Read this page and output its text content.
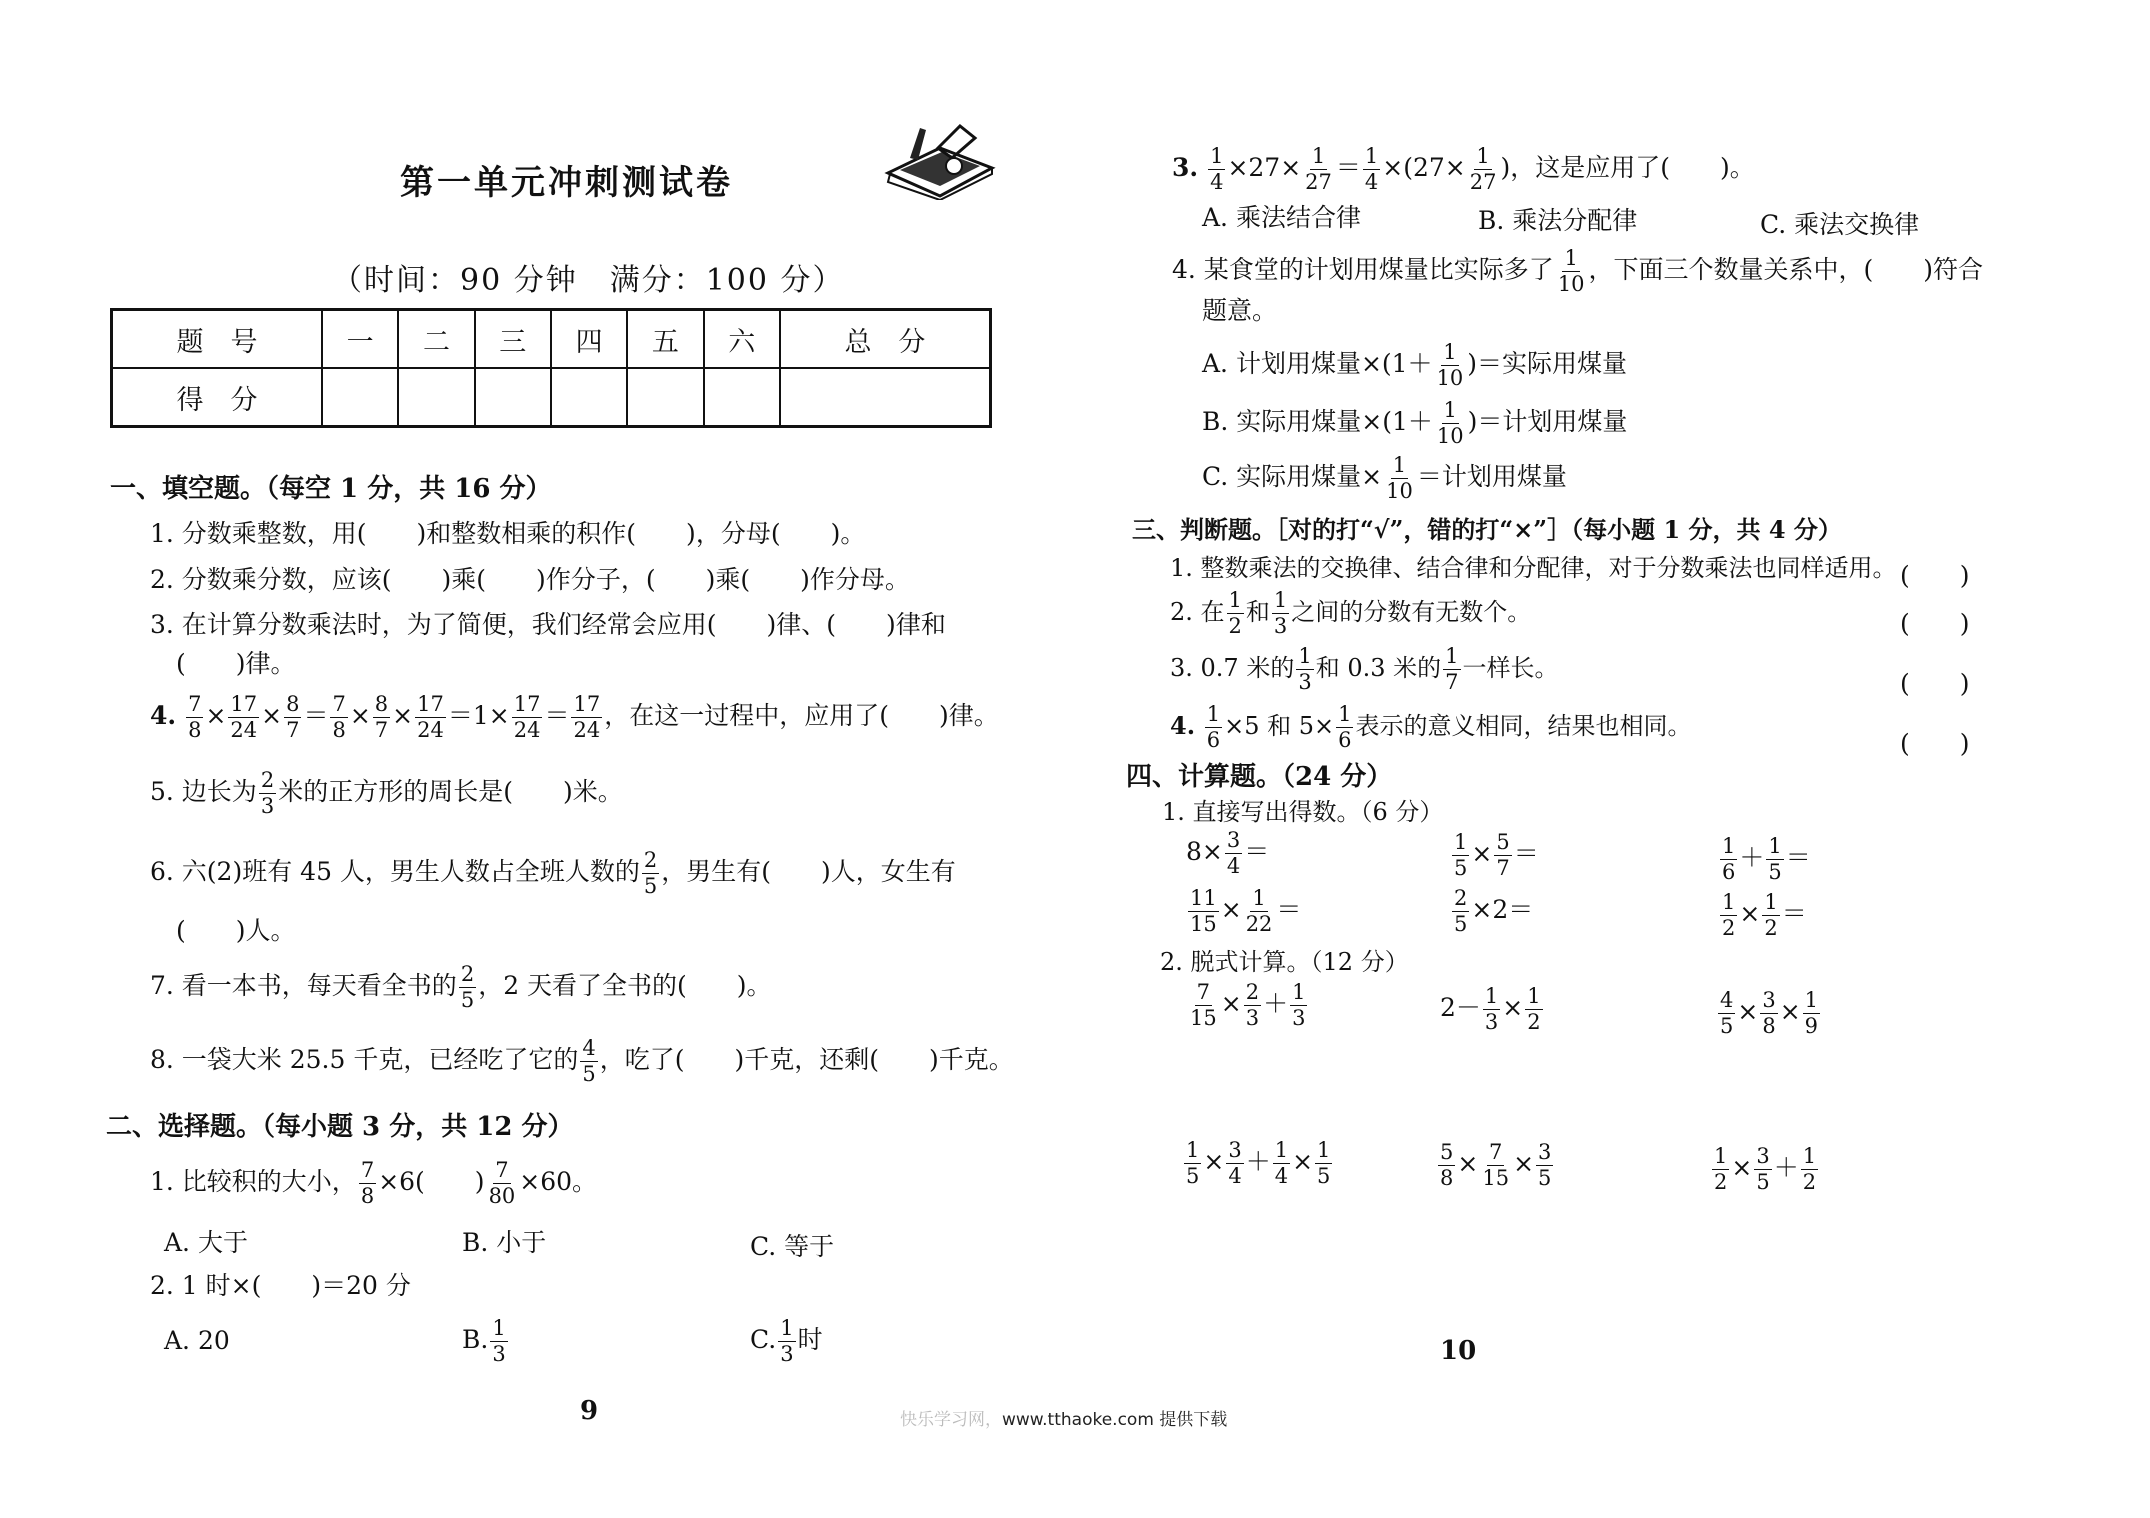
第一单元冲刺测试卷
（时间：90 分钟　满分：100 分）
题　号	一	二	三	四	五	六	总　分
得　分							
一、填空题。（每空 1 分，共 16 分）
1. 分数乘整数，用(　　)和整数相乘的积作(　　)，分母(　　)。
2. 分数乘分数，应该(　　)乘(　　)作分子，(　　)乘(　　)作分母。
3. 在计算分数乘法时，为了简便，我们经常会应用(　　)律、(　　)律和
(　　)律。
4. $\frac{7}{8} \times \frac{17}{24} \times \frac{8}{7} = \frac{7}{8} \times \frac{8}{7} \times \frac{17}{24} =1\times \frac{17}{24} = \frac{17}{24}$ ，在这一过程中，应用了(　　)律。
5. 边长为 $\frac{2}{3}$ 米的正方形的周长是(　　)米。
6. 六(2)班有 45 人，男生人数占全班人数的 $\frac{2}{5}$ ，男生有(　　)人，女生有
(　　)人。
7. 看一本书，每天看全书的 $\frac{2}{5}$ ，2 天看了全书的(　　)。
8. 一袋大米 25.5 千克，已经吃了它的 $\frac{4}{5}$ ，吃了(　　)千克，还剩(　　)千克。
二、选择题。（每小题 3 分，共 12 分）
1. 比较积的大小， $\frac{7}{8} \times 6$(　　) $\frac{7}{80} \times 60$。
A. 大于	B. 小于	C. 等于
2. 1 时×(　　)＝20 分
A. 20	B. $\frac{1}{3}$	C. $\frac{1}{3}$ 时
9
3. $\frac{1}{4} \times 27\times \frac{1}{27} = \frac{1}{4} \times(27\times \frac{1}{27}$ )，这是应用了(　　)。
A. 乘法结合律	B. 乘法分配律	C. 乘法交换律
4. 某食堂的计划用煤量比实际多了 $\frac{1}{10}$ ，下面三个数量关系中，(　　)符合
题意。
A. 计划用煤量$\times(1+ \frac{1}{10}$ )＝实际用煤量
B. 实际用煤量$\times(1+ \frac{1}{10}$ )＝计划用煤量
C. 实际用煤量× $\frac{1}{10}$ ＝计划用煤量
三、判断题。［对的打“√”，错的打“×”］（每小题 1 分，共 4 分）
1. 整数乘法的交换律、结合律和分配律，对于分数乘法也同样适用。 (　　)
2. 在 $\frac{1}{2}$ 和 $\frac{1}{3}$ 之间的分数有无数个。	(　　)
3. 0.7 米的 $\frac{1}{3}$ 和 0.3 米的 $\frac{1}{7}$ 一样长。
(　　)
4. $\frac{1}{6} \times 5$ 和 $5\times \frac{1}{6}$ 表示的意义相同，结果也相同。
(　　)
四、计算题。（24 分）
1. 直接写出得数。（6 分）
$8\times \frac{3}{4}$ ＝	$\frac{1}{5} \times \frac{5}{7}$ ＝	$\frac{1}{6} + \frac{1}{5}$ ＝
$\frac{11}{15} \times \frac{1}{22}$ ＝	$\frac{2}{5} \times 2=$	$\frac{1}{2} \times \frac{1}{2}$ ＝
2. 脱式计算。（12 分）
$\frac{7}{15} \times \frac{2}{3} + \frac{1}{3}$	$2- \frac{1}{3} \times \frac{1}{2}$	$\frac{4}{5} \times \frac{3}{8} \times \frac{1}{9}$
$\frac{1}{5} \times \frac{3}{4} + \frac{1}{4} \times \frac{1}{5}$	$\frac{5}{8} \times \frac{7}{15} \times \frac{3}{5}$	$\frac{1}{2} \times \frac{3}{5} + \frac{1}{2}$
10
快乐学习网，www.tthaoke.com 提供下载
